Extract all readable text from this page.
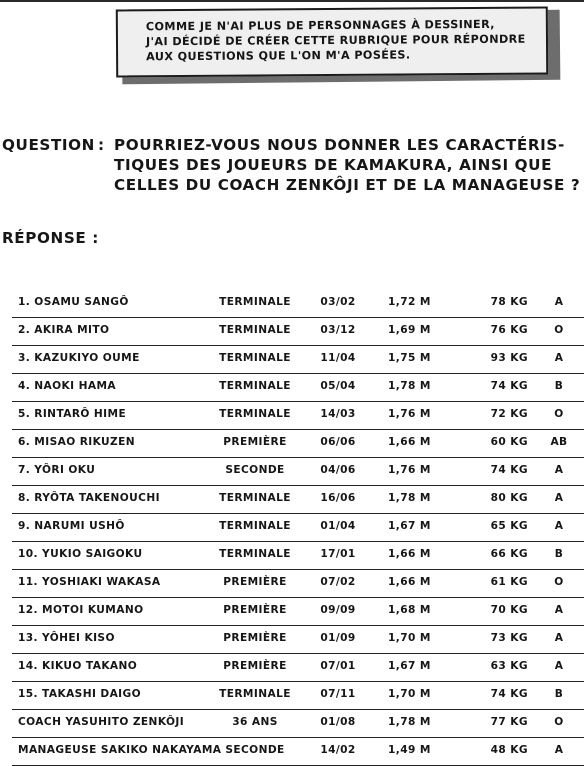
COMME JE N'AI PLUS DE PERSONNAGES À DESSINER,
J'AI DÉCIDÉ DE CRÉER CETTE RUBRIQUE POUR RÉPONDRE
AUX QUESTIONS QUE L'ON M'A POSÉES.
QUESTION : POURRIEZ-VOUS NOUS DONNER LES CARACTÉRIS-
TIQUES DES JOUEURS DE KAMAKURA, AINSI QUE
CELLES DU COACH ZENKÔJI ET DE LA MANAGEUSE ?
RÉPONSE :
1. OSAMU SANGÔ	TERMINALE	03/02	1,72 M	78 KG	A
2. AKIRA MITO	TERMINALE	03/12	1,69 M	76 KG	O
3. KAZUKIYO OUME	TERMINALE	11/04	1,75 M	93 KG	A
4. NAOKI HAMA	TERMINALE	05/04	1,78 M	74 KG	B
5. RINTARÔ HIME	TERMINALE	14/03	1,76 M	72 KG	O
6. MISAO RIKUZEN	PREMIÈRE	06/06	1,66 M	60 KG	AB
7. YÔRI OKU	SECONDE	04/06	1,76 M	74 KG	A
8. RYÔTA TAKENOUCHI	TERMINALE	16/06	1,78 M	80 KG	A
9. NARUMI USHÔ	TERMINALE	01/04	1,67 M	65 KG	A
10. YUKIO SAIGOKU	TERMINALE	17/01	1,66 M	66 KG	B
11. YOSHIAKI WAKASA	PREMIÈRE	07/02	1,66 M	61 KG	O
12. MOTOI KUMANO	PREMIÈRE	09/09	1,68 M	70 KG	A
13. YÔHEI KISO	PREMIÈRE	01/09	1,70 M	73 KG	A
14. KIKUO TAKANO	PREMIÈRE	07/01	1,67 M	63 KG	A
15. TAKASHI DAIGO	TERMINALE	07/11	1,70 M	74 KG	B
COACH YASUHITO ZENKÔJI	36 ANS	01/08	1,78 M	77 KG	O
MANAGEUSE SAKIKO NAKAYAMA SECONDE	14/02	1,49 M	48 KG	A
